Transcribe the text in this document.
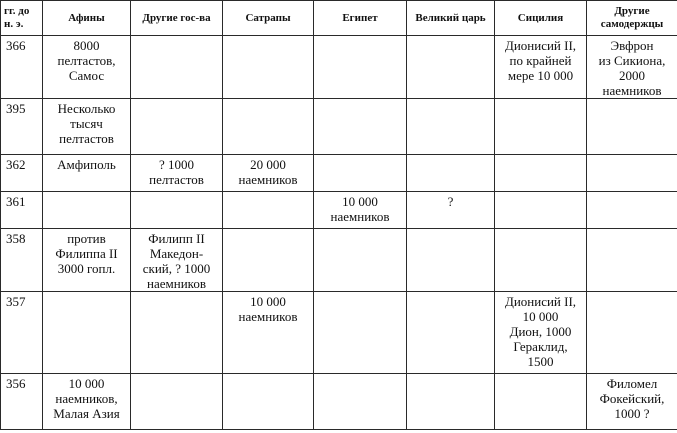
гг. до н. э.	Афины	Другие гос-ва	Сатрапы	Египет	Великий царь	Сицилия	Другие самодержцы

366	8000
пелтастов,
Самос					Дионисий II,
по крайней
мере 10 000	Эвфрон
из Сикиона,
2000
наемников

395	Несколько
тысяч
пелтастов						

362	Амфиполь	? 1000
пелтастов	20 000
наемников				

361				10 000
наемников	?		

358	против
Филиппа II
3000 гопл.	Филипп II
Македон-
ский, ? 1000
наемников					

357			10 000
наемников			Дионисий II,
10 000
Дион, 1000
Гераклид,
1500	

356	10 000
наемников,
Малая Азия						Филомел
Фокейский,
1000 ?
